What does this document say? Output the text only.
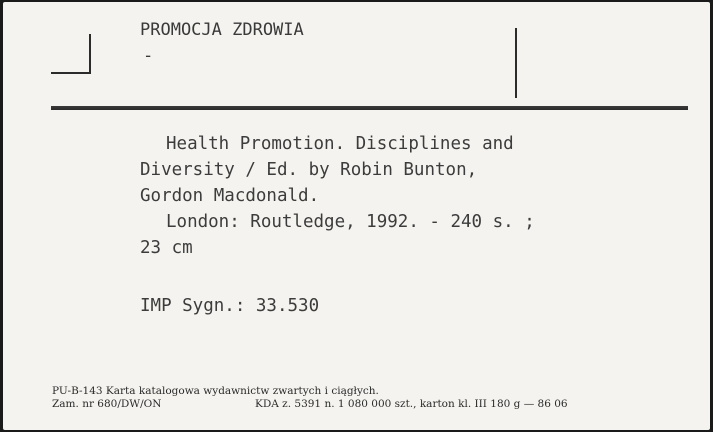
PROMOCJA ZDROWIA
-
Health Promotion. Disciplines and
Diversity / Ed. by Robin Bunton,
Gordon Macdonald.
London: Routledge, 1992. - 240 s. ;
23 cm
IMP Sygn.: 33.530
PU-B-143 Karta katalogowa wydawnictw zwartych i ciągłych.
Zam. nr 680/DW/ON	KDA z. 5391 n. 1 080 000 szt., karton kl. III 180 g — 86 06
